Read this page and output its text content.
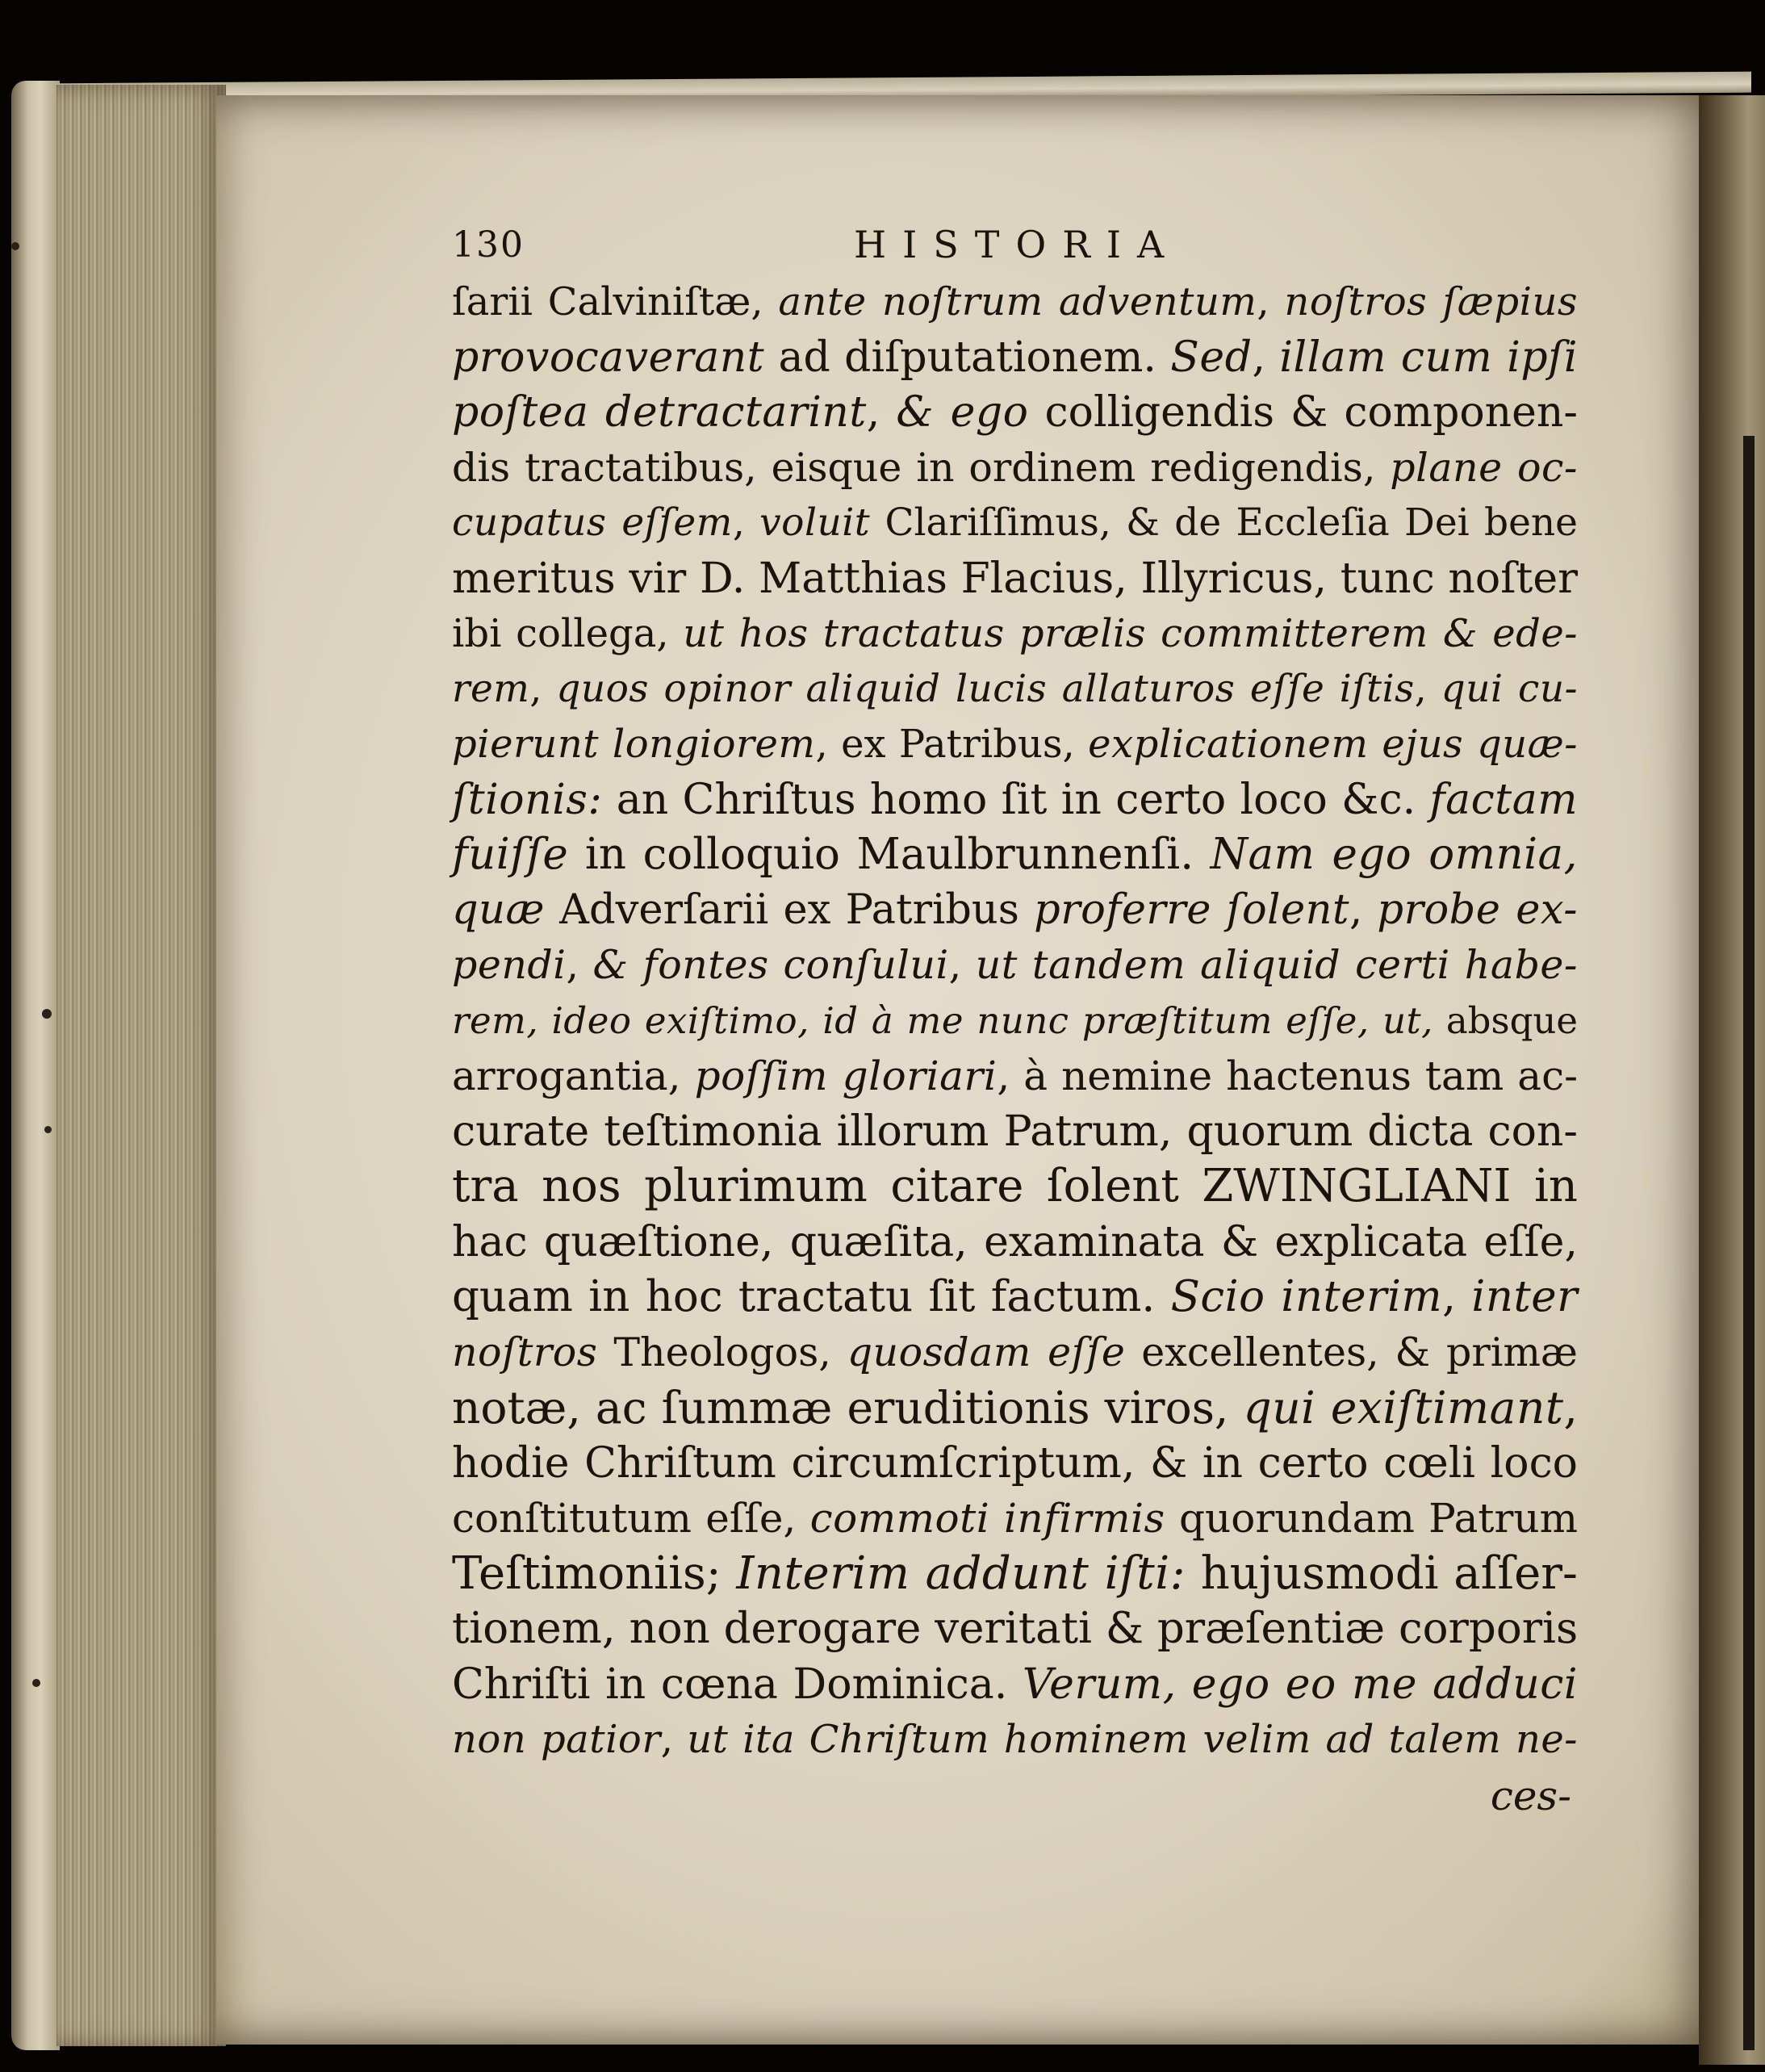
130	HISTORIA
ſarii Calviniſtæ, ante noſtrum adventum, noſtros ſæpius
provocaverant ad diſputationem. Sed, illam cum ipſi
poſtea detractarint, & ego colligendis & componen-
dis tractatibus, eisque in ordinem redigendis, plane oc-
cupatus eſſem, voluit Clariſſimus, & de Eccleſia Dei bene
meritus vir D. Matthias Flacius, Illyricus, tunc noſter
ibi collega, ut hos tractatus prælis committerem & ede-
rem, quos opinor aliquid lucis allaturos eſſe iſtis, qui cu-
pierunt longiorem, ex Patribus, explicationem ejus quæ-
ſtionis: an Chriſtus homo ſit in certo loco &c. factam
fuiſſe in colloquio Maulbrunnenſi. Nam ego omnia,
quæ Adverſarii ex Patribus proferre ſolent, probe ex-
pendi, & fontes conſului, ut tandem aliquid certi habe-
rem, ideo exiſtimo, id à me nunc præſtitum eſſe, ut, absque
arrogantia, poſſim gloriari, à nemine hactenus tam ac-
curate teſtimonia illorum Patrum, quorum dicta con-
tra nos plurimum citare ſolent ZWINGLIANI in
hac quæſtione, quæſita, examinata & explicata eſſe,
quam in hoc tractatu ſit factum. Scio interim, inter
noſtros Theologos, quosdam eſſe excellentes, & primæ
notæ, ac ſummæ eruditionis viros, qui exiſtimant,
hodie Chriſtum circumſcriptum, & in certo cœli loco
conſtitutum eſſe, commoti infirmis quorundam Patrum
Teſtimoniis; Interim addunt iſti: hujusmodi aſſer-
tionem, non derogare veritati & præſentiæ corporis
Chriſti in cœna Dominica. Verum, ego eo me adduci
non patior, ut ita Chriſtum hominem velim ad talem ne-
ces-
